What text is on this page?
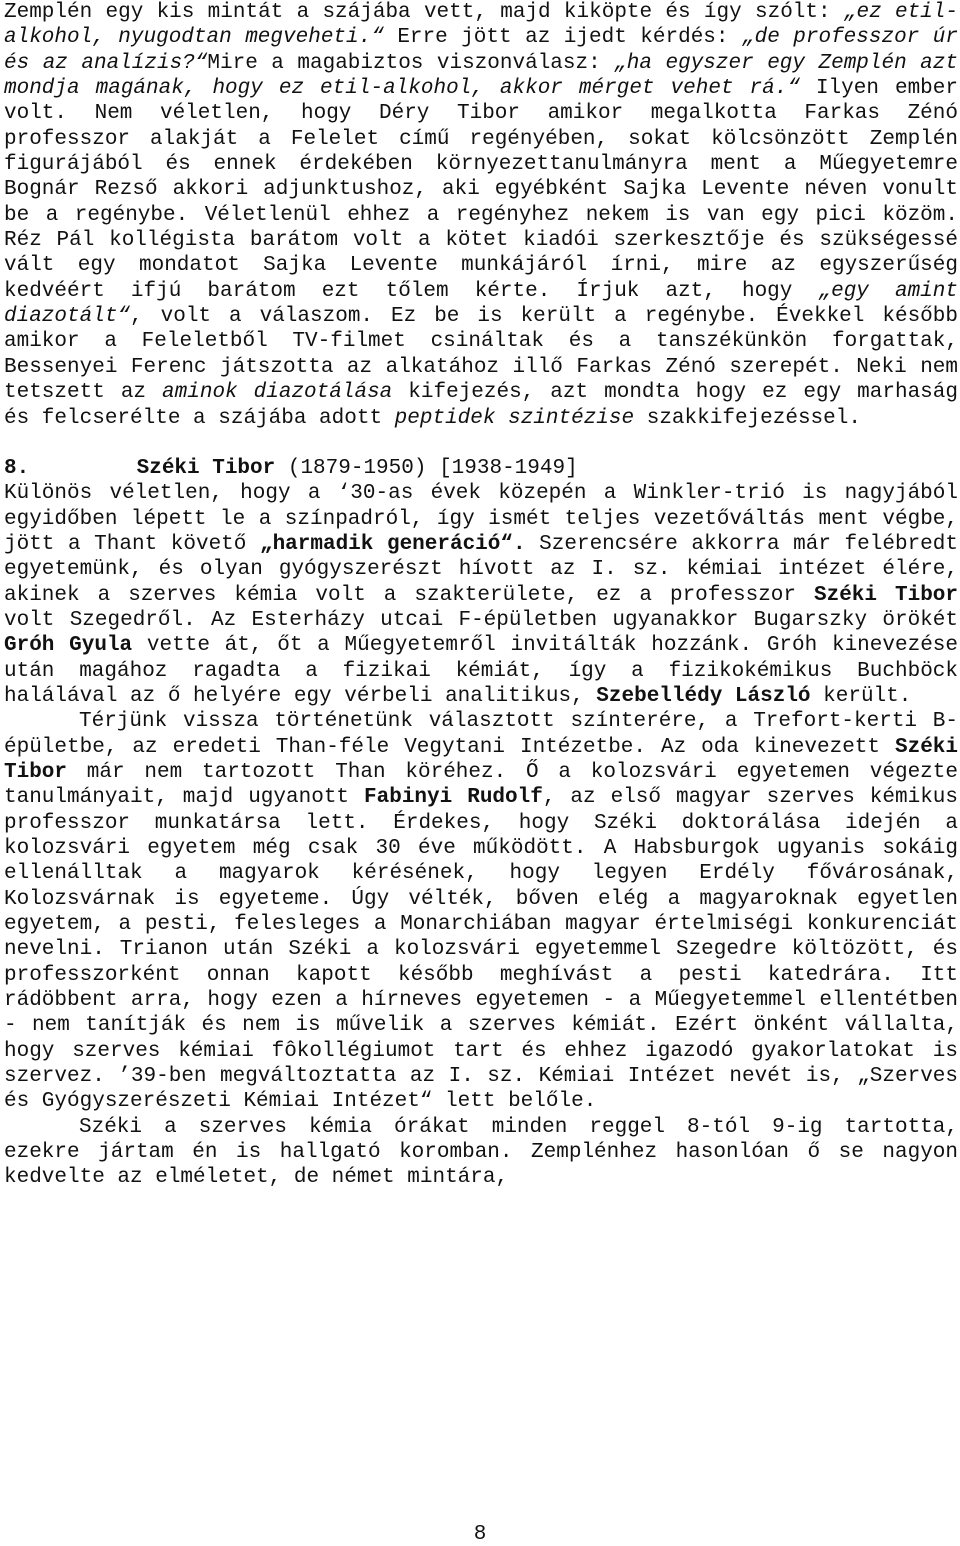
Zemplén egy kis mintát a szájába vett, majd kiköpte és így szólt: „ez etil-alkohol, nyugodtan megveheti.“ Erre jött az ijedt kérdés: „de professzor úr és az analízis?“Mire a magabiztos viszonválasz: „ha egyszer egy Zemplén azt mondja magának, hogy ez etil-alkohol, akkor mérget vehet rá.“ Ilyen ember volt. Nem véletlen, hogy Déry Tibor amikor megalkotta Farkas Zénó professzor alakját a Felelet című regényében, sokat kölcsönzött Zemplén figurájából és ennek érdekében környezettanulmányra ment a Műegyetemre Bognár Rezső akkori adjunktushoz, aki egyébként Sajka Levente néven vonult be a regénybe. Véletlenül ehhez a regényhez nekem is van egy pici közöm. Réz Pál kollégista barátom volt a kötet kiadói szerkesztője és szükségessé vált egy mondatot Sajka Levente munkájáról írni, mire az egyszerűség kedvéért ifjú barátom ezt tőlem kérte. Írjuk azt, hogy „egy amint diazotált“, volt a válaszom. Ez be is került a regénybe. Évekkel később amikor a Feleletből TV-filmet csináltak és a tanszékünkön forgattak, Bessenyei Ferenc játszotta az alkatához illő Farkas Zénó szerepét. Neki nem tetszett az aminok diazotálása kifejezés, azt mondta hogy ez egy marhaság és felcserélte a szájába adott peptidek szintézise szakkifejezéssel.

8.	Széki Tibor (1879-1950) [1938-1949]

Különös véletlen, hogy a ‘30-as évek közepén a Winkler-trió is nagyjából egyidőben lépett le a színpadról, így ismét teljes vezetőváltás ment végbe, jött a Thant követő „harmadik generáció“. Szerencsére akkorra már felébredt egyetemünk, és olyan gyógyszerészt hívott az I. sz. kémiai intézet élére, akinek a szerves kémia volt a szakterülete, ez a professzor Széki Tibor volt Szegedről. Az Esterházy utcai F-épületben ugyanakkor Bugarszky örökét Gróh Gyula vette át, őt a Műegyetemről invitálták hozzánk. Gróh kinevezése után magához ragadta a fizikai kémiát, így a fizikokémikus Buchböck halálával az ő helyére egy vérbeli analitikus, Szebellédy László került.

Térjünk vissza történetünk választott színterére, a Trefort-kerti B-épületbe, az eredeti Than-féle Vegytani Intézetbe. Az oda kinevezett Széki Tibor már nem tartozott Than köréhez. Ő a kolozsvári egyetemen végezte tanulmányait, majd ugyanott Fabinyi Rudolf, az első magyar szerves kémikus professzor munkatársa lett. Érdekes, hogy Széki doktorálása idején a kolozsvári egyetem még csak 30 éve működött. A Habsburgok ugyanis sokáig ellenálltak a magyarok kérésének, hogy legyen Erdély fővárosának, Kolozsvárnak is egyeteme. Úgy vélték, bőven elég a magyaroknak egyetlen egyetem, a pesti, felesleges a Monarchiában magyar értelmiségi konkurenciát nevelni. Trianon után Széki a kolozsvári egyetemmel Szegedre költözött, és professzorként onnan kapott később meghívást a pesti katedrára. Itt rádöbbent arra, hogy ezen a hírneves egyetemen - a Műegyetemmel ellentétben - nem tanítják és nem is művelik a szerves kémiát. Ezért önként vállalta, hogy szerves kémiai fôkollégiumot tart és ehhez igazodó gyakorlatokat is szervez. ’39-ben megváltoztatta az I. sz. Kémiai Intézet nevét is, „Szerves és Gyógyszerészeti Kémiai Intézet“ lett belőle.

Széki a szerves kémia órákat minden reggel 8-tól 9-ig tartotta, ezekre jártam én is hallgató koromban. Zemplénhez hasonlóan ő se nagyon kedvelte az elméletet, de német mintára,

8
